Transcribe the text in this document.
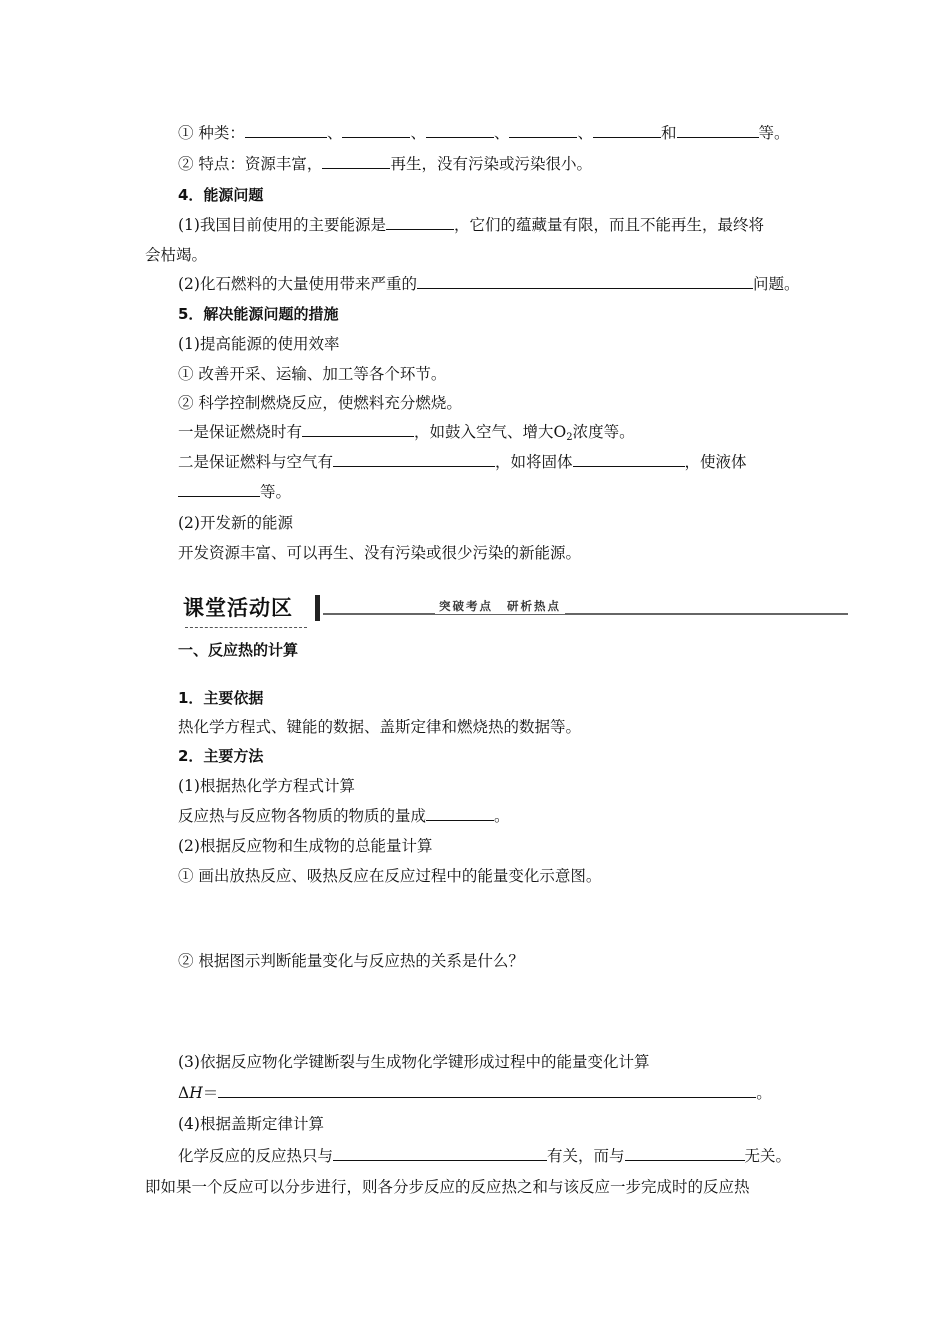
① 种类：	、	、	、	、	和	等。
② 特点：资源丰富，	再生，没有污染或污染很小。
4．能源问题
(1)我国目前使用的主要能源是	，它们的蕴藏量有限，而且不能再生，最终将
会枯竭。
(2)化石燃料的大量使用带来严重的	问题。
5．解决能源问题的措施
(1)提高能源的使用效率
① 改善开采、运输、加工等各个环节。
② 科学控制燃烧反应，使燃料充分燃烧。
一是保证燃烧时有	，如鼓入空气、增大$O_2$浓度等。
二是保证燃料与空气有	，如将固体	，使液体
等。
(2)开发新的能源
开发资源丰富、可以再生、没有污染或很少污染的新能源。
课堂活动区	突破考点 研析热点
一、反应热的计算
1．主要依据
热化学方程式、键能的数据、盖斯定律和燃烧热的数据等。
2．主要方法
(1)根据热化学方程式计算
反应热与反应物各物质的物质的量成	。
(2)根据反应物和生成物的总能量计算
① 画出放热反应、吸热反应在反应过程中的能量变化示意图。
② 根据图示判断能量变化与反应热的关系是什么？
(3)依据反应物化学键断裂与生成物化学键形成过程中的能量变化计算
ΔH＝	。
(4)根据盖斯定律计算
化学反应的反应热只与	有关，而与	无关。
即如果一个反应可以分步进行，则各分步反应的反应热之和与该反应一步完成时的反应热
